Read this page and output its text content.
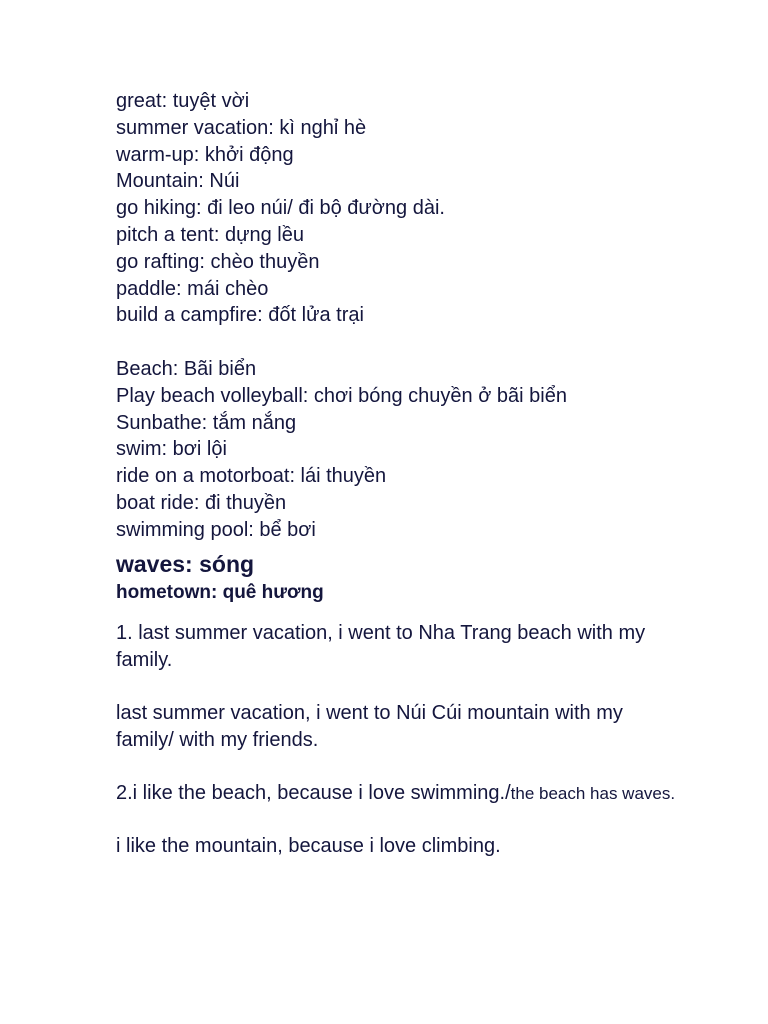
great: tuyệt vời
summer vacation: kì nghỉ hè
warm-up: khởi động
Mountain: Núi
go hiking: đi leo núi/ đi bộ đường dài.
pitch a tent: dựng lều
go rafting: chèo thuyền
paddle: mái chèo
build a campfire: đốt lửa trại
Beach: Bãi biển
Play beach volleyball: chơi bóng chuyền ở bãi biển
Sunbathe: tắm nắng
swim: bơi lội
ride on a motorboat: lái thuyền
boat ride: đi thuyền
swimming pool: bể bơi
waves: sóng
hometown: quê hương

1. last summer vacation, i went to Nha Trang beach with my family.

last summer vacation, i went to Núi Cúi mountain with my family/ with my friends.

2.i like the beach, because i love swimming./the beach has waves.

i like the mountain, because i love climbing.
